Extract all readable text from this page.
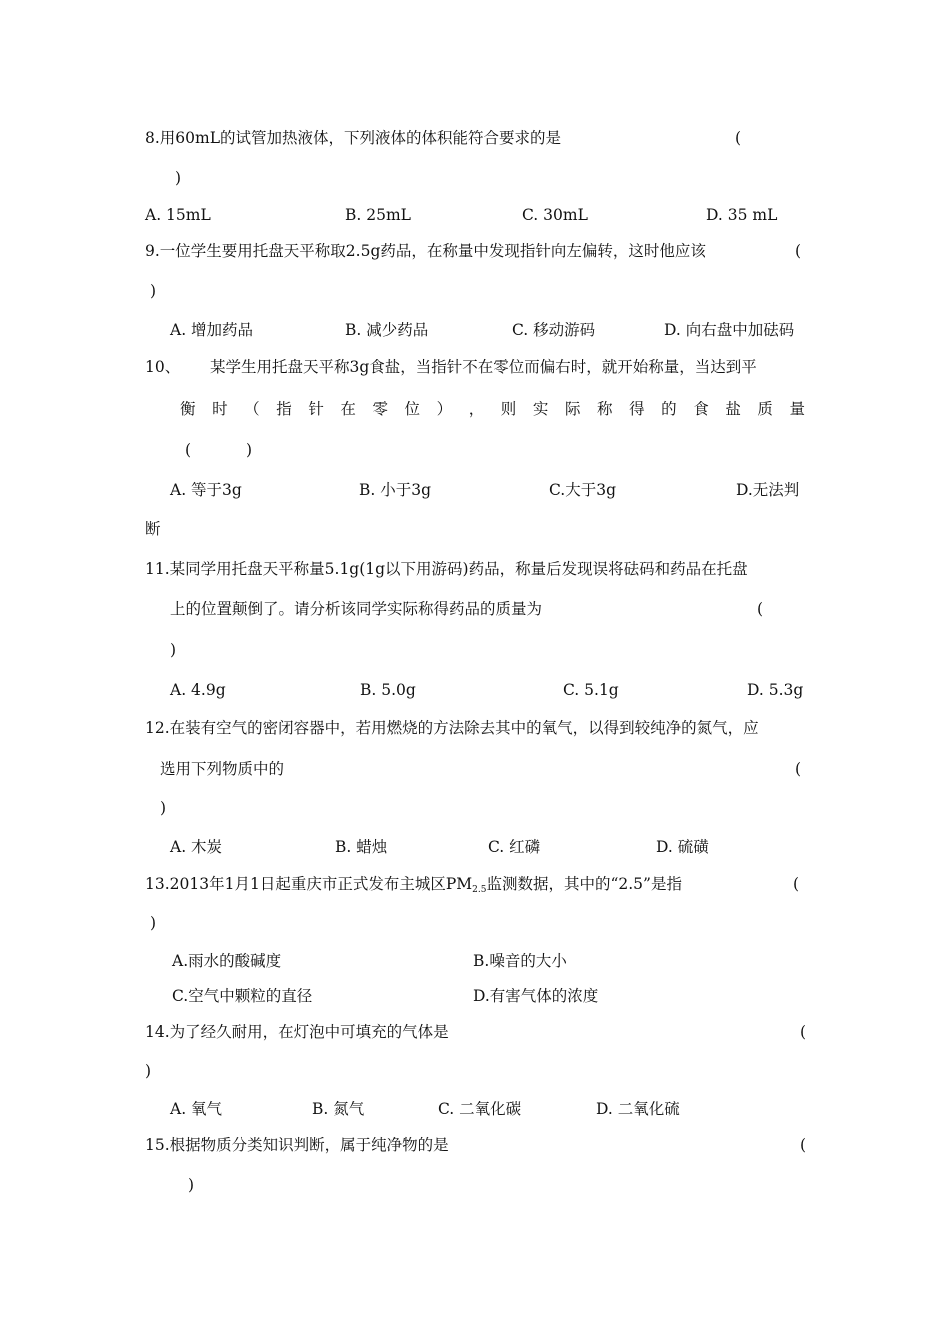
8.用60mL的试管加热液体，下列液体的体积能符合要求的是	(
)
A. 15mL	B. 25mL	C. 30mL	D. 35 mL
9.一位学生要用托盘天平称取2.5g药品，在称量中发现指针向左偏转，这时他应该	(
)
A. 增加药品	B. 减少药品	C. 移动游码	D. 向右盘中加砝码
10、 某学生用托盘天平称3g食盐，当指针不在零位而偏右时，就开始称量，当达到平
衡 时 （ 指 针 在 零 位 ） ， 则 实 际 称 得 的 食 盐 质 量
(	)
A. 等于3g	B. 小于3g	C.大于3g	D.无法判
断
11.某同学用托盘天平称量5.1g(1g以下用游码)药品，称量后发现误将砝码和药品在托盘
上的位置颠倒了。请分析该同学实际称得药品的质量为	(
)
A. 4.9g	B. 5.0g	C. 5.1g	D. 5.3g
12.在装有空气的密闭容器中，若用燃烧的方法除去其中的氧气，以得到较纯净的氮气，应
选用下列物质中的	(
)
A. 木炭	B. 蜡烛	C. 红磷	D. 硫磺
13.2013年1月1日起重庆市正式发布主城区PM2.5监测数据，其中的“2.5”是指	(
)
A.雨水的酸碱度	B.噪音的大小
C.空气中颗粒的直径	D.有害气体的浓度
14.为了经久耐用，在灯泡中可填充的气体是	(
)
A. 氧气	B. 氮气	C. 二氧化碳	D. 二氧化硫
15.根据物质分类知识判断，属于纯净物的是	(
)
